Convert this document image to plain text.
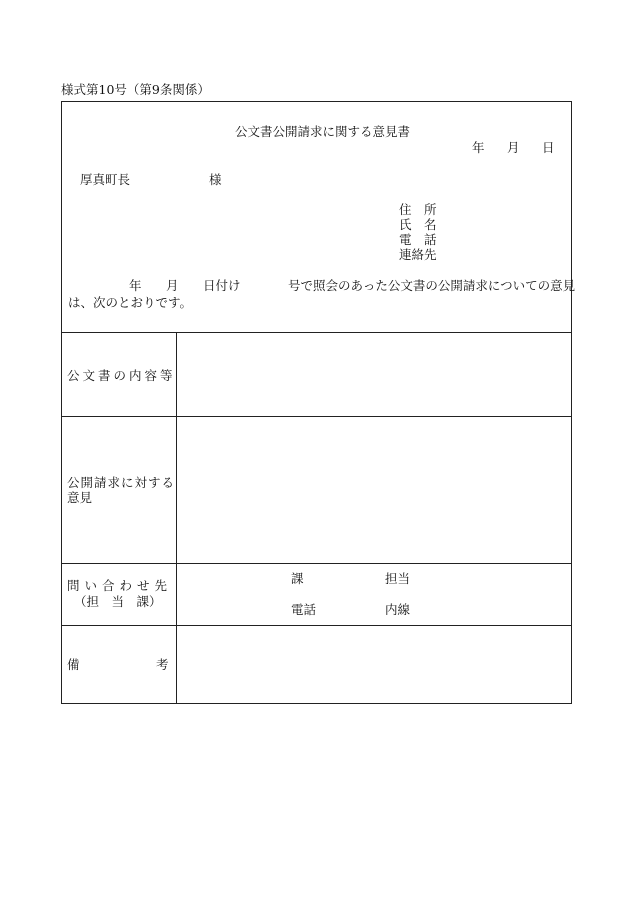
様式第10号（第9条関係）
公文書公開請求に関する意見書
年 月 日
厚真町長	様
住　所
氏　名
電　話
連絡先
年 月 日付け	号で照会のあった公文書の公開請求についての意見
は、次のとおりです。
公文書の内容等
公開請求に対する
意見
問い合わせ先
（担　当　課）
課	担当
電話	内線
備	考
